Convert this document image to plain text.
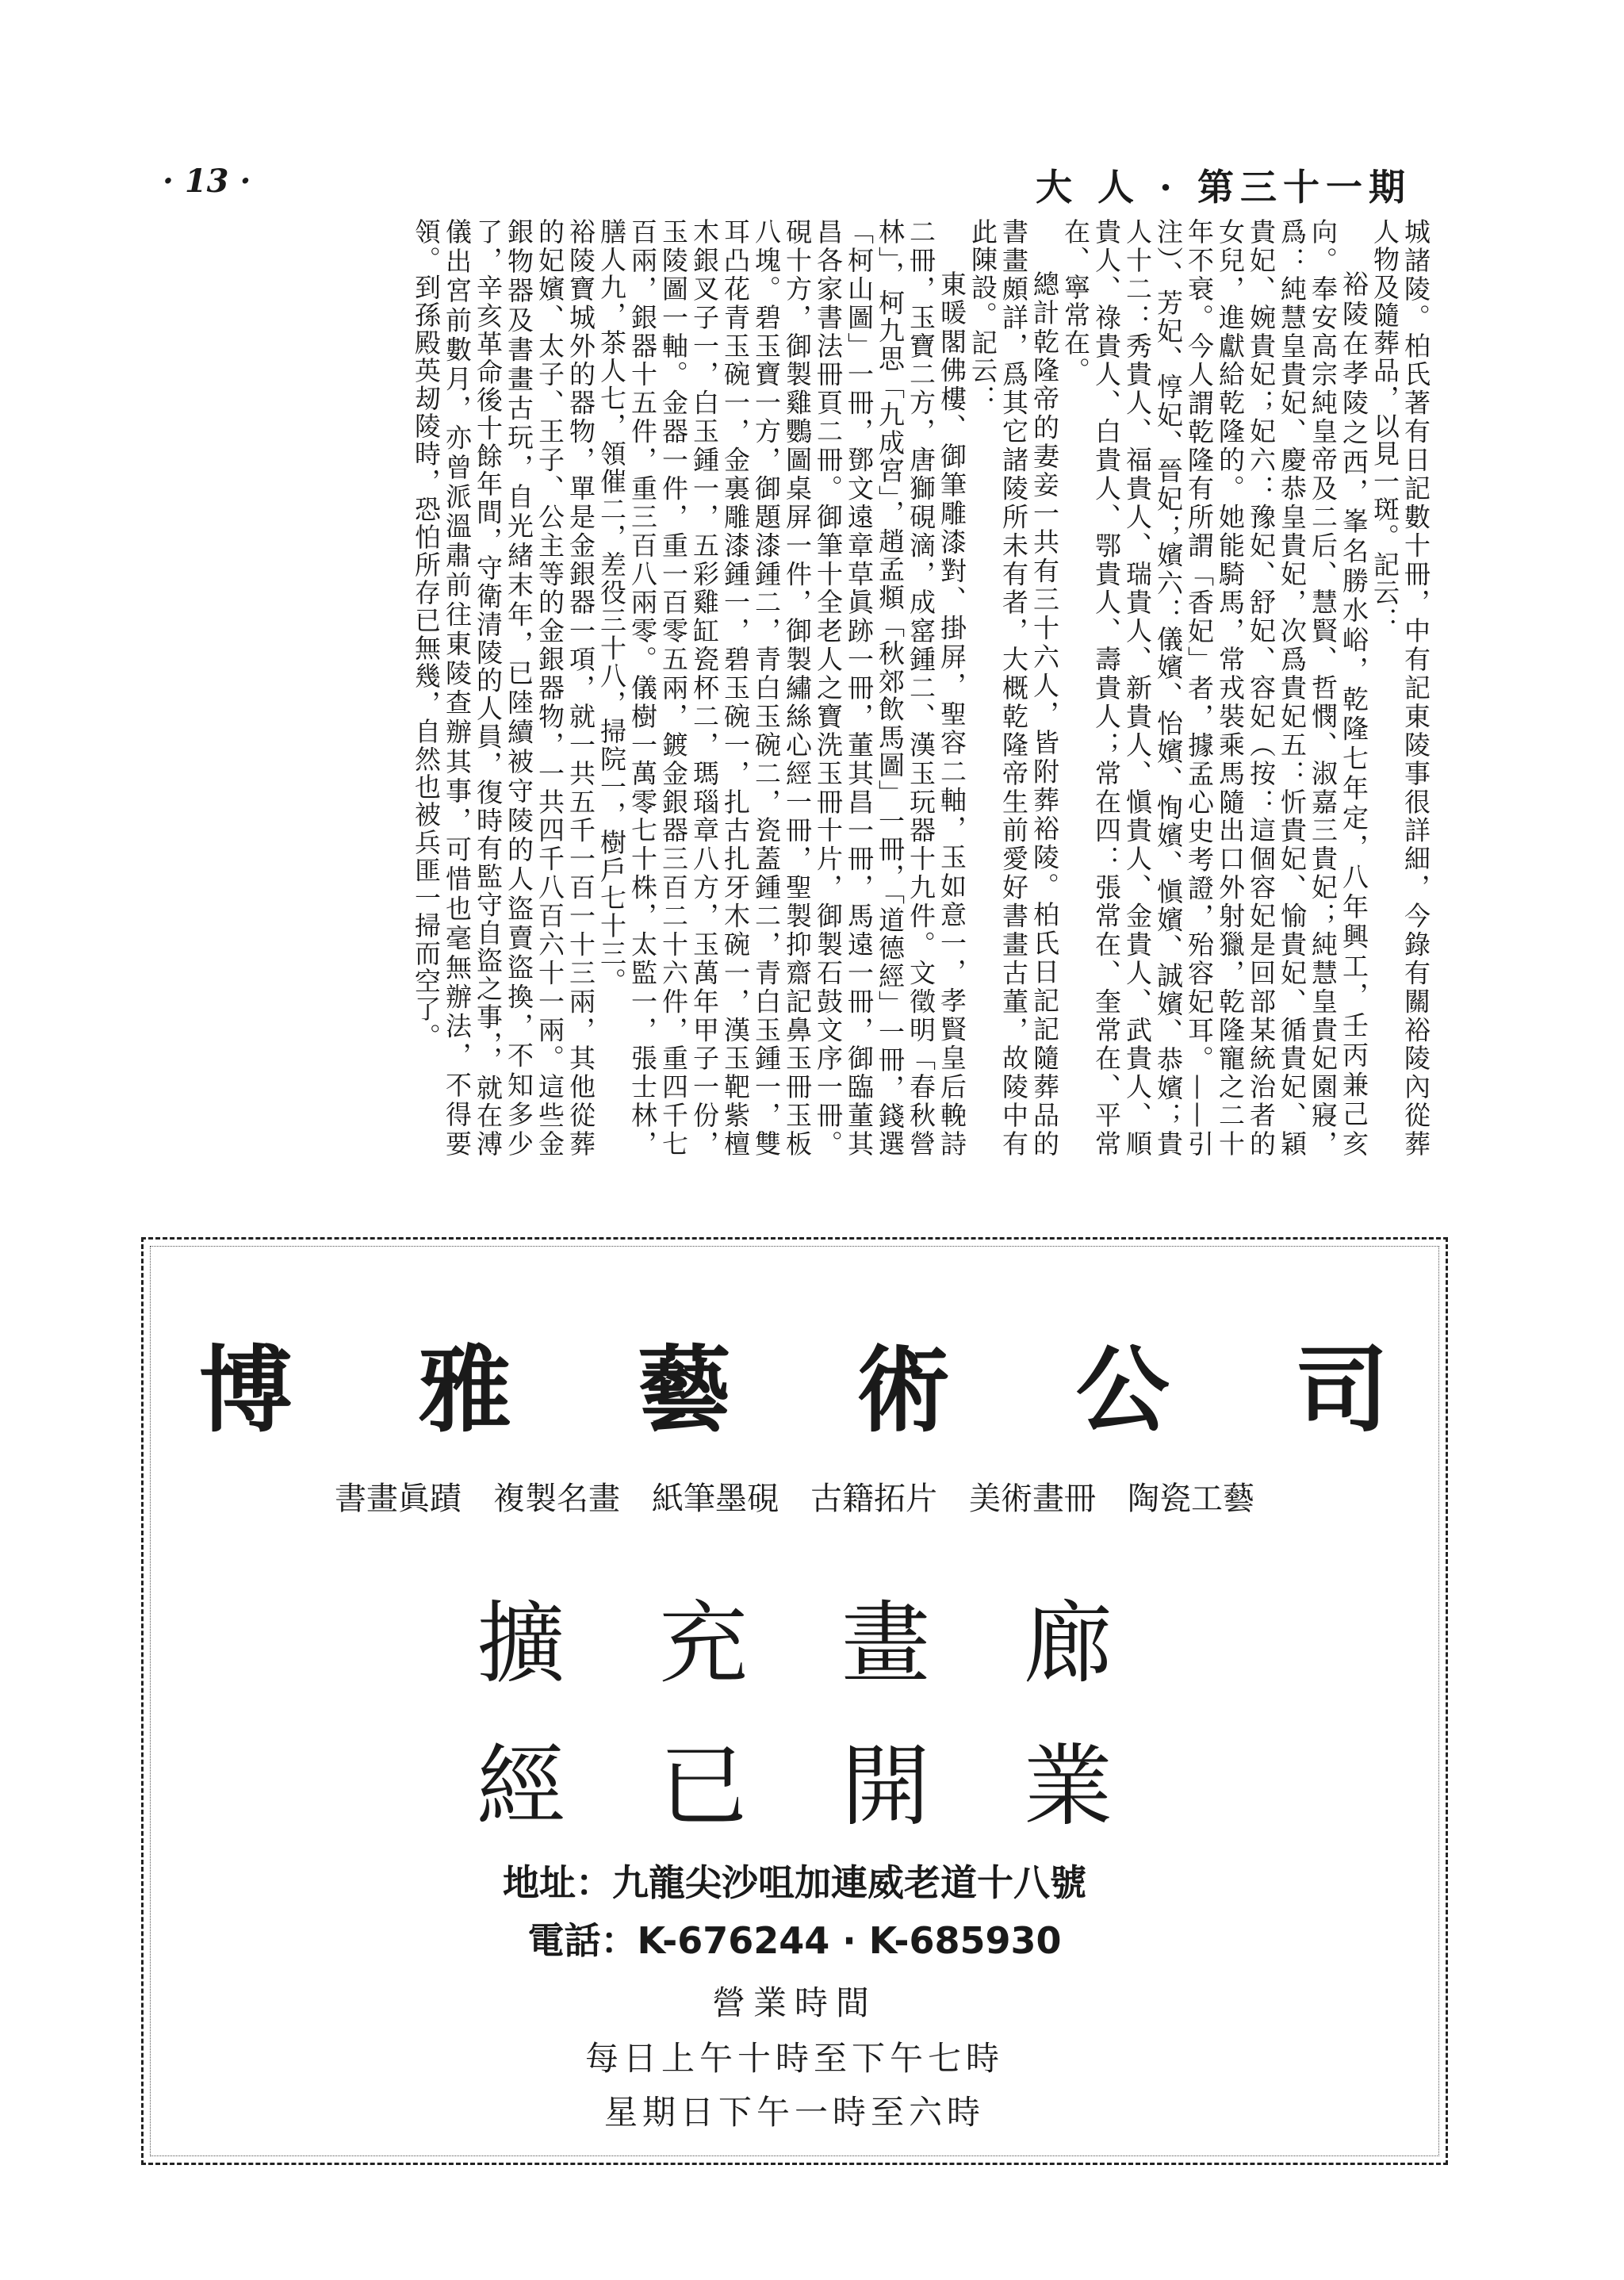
· 13 ·	大 人 · 第三十一期

城諸陵。柏氏著有日記數十冊，中有記東陵事很詳細，今錄有關裕陵內從葬人物及隨葬品，以見一斑。記云：

裕陵在孝陵之西，峯名勝水峪，乾隆七年定，八年興工，壬丙兼己亥向。奉安高宗純皇帝及二后、慧賢、哲憫、淑嘉三貴妃；純慧皇貴妃園寢，爲：純慧皇貴妃、慶恭皇貴妃，次爲貴妃五：忻貴妃、愉貴妃、循貴妃、穎貴妃、婉貴妃；妃六：豫妃、舒妃、容妃（按：這個容妃是回部某統治者的女兒，進獻給乾隆的。她能騎馬，常戎裝乘馬隨出口外射獵，乾隆寵之二十年不衰。今人謂乾隆有所謂「香妃」者，據孟心史考證，殆容妃耳。——引注）、芳妃、惇妃、晉妃；嬪六：儀嬪、怡嬪、恂嬪、愼嬪、誠嬪、恭嬪；貴人十二：秀貴人、福貴人、瑞貴人、新貴人、愼貴人、金貴人、武貴人、順貴人、祿貴人、白貴人、鄂貴人、壽貴人；常在四：張常在、奎常在、平常在、寧常在。

總計乾隆帝的妻妾一共有三十六人，皆附葬裕陵。柏氏日記記隨葬品的書畫頗詳，爲其它諸陵所未有者，大概乾隆帝生前愛好書畫古董，故陵中有此陳設。記云：

東暖閣佛樓、御筆雕漆對、掛屏，聖容二軸，玉如意一，孝賢皇后輓詩二冊，玉寶二方，唐獅硯滴，成窰鍾二、漢玉玩器十九件。文徵明「春秋營林」，柯九思「九成宮」，趙孟頫「秋郊飲馬圖」一冊，「道德經」一冊，錢選「柯山圖」一冊，鄧文遠章草眞跡一冊，董其昌一冊，馬遠一冊，御臨董其昌各家書法冊頁二冊。御筆十全老人之寶洗玉冊十片，御製石鼓文序一冊。硯十方，御製雞鸚圖桌屏一件，御製繡絲心經一冊，聖製抑齋記鼻玉冊玉板八塊。碧玉寶一方，御題漆鍾二，青白玉碗二，瓷蓋鍾二，青白玉鍾一，雙耳凸花青玉碗一，金裏雕漆鍾一，碧玉碗一，扎古扎牙木碗一，漢玉靶紫檀木銀叉子一，白玉鍾一，五彩雞缸瓷杯二，瑪瑙章八方，玉萬年甲子一份，玉陵圖一軸。金器一件，重一百零五兩，鍍金銀器三百二十六件，重四千七百兩，銀器十五件，重三百八兩零。儀樹一萬零七十株，太監一，張士林，膳人九，茶人七，領催二，差役三十八，掃院一，樹戶七十三。

裕陵寶城外的器物，單是金銀器一項，就一共五千一百一十三兩，其他從葬的妃嬪、太子、王子、公主等的金銀器物，一共四千八百六十一兩。這些金銀物器及書畫古玩，自光緒末年，已陸續被守陵的人盜賣盜換，不知多少了，辛亥革命後十餘年間，守衛清陵的人員，復時有監守自盜之事，，就在溥儀出宮前數月，亦曾派溫肅前往東陵查辦其事，可惜也毫無辦法，不得要領。到孫殿英刼陵時，恐怕所存已無幾，自然也被兵匪一掃而空了。

博 雅 藝 術 公 司
書畫眞蹟　複製名畫　紙筆墨硯　古籍拓片　美術畫冊　陶瓷工藝
擴充畫廊
經已開業
地址：九龍尖沙咀加連威老道十八號
電話：K-676244 · K-685930
營業時間
每日上午十時至下午七時
星期日下午一時至六時
